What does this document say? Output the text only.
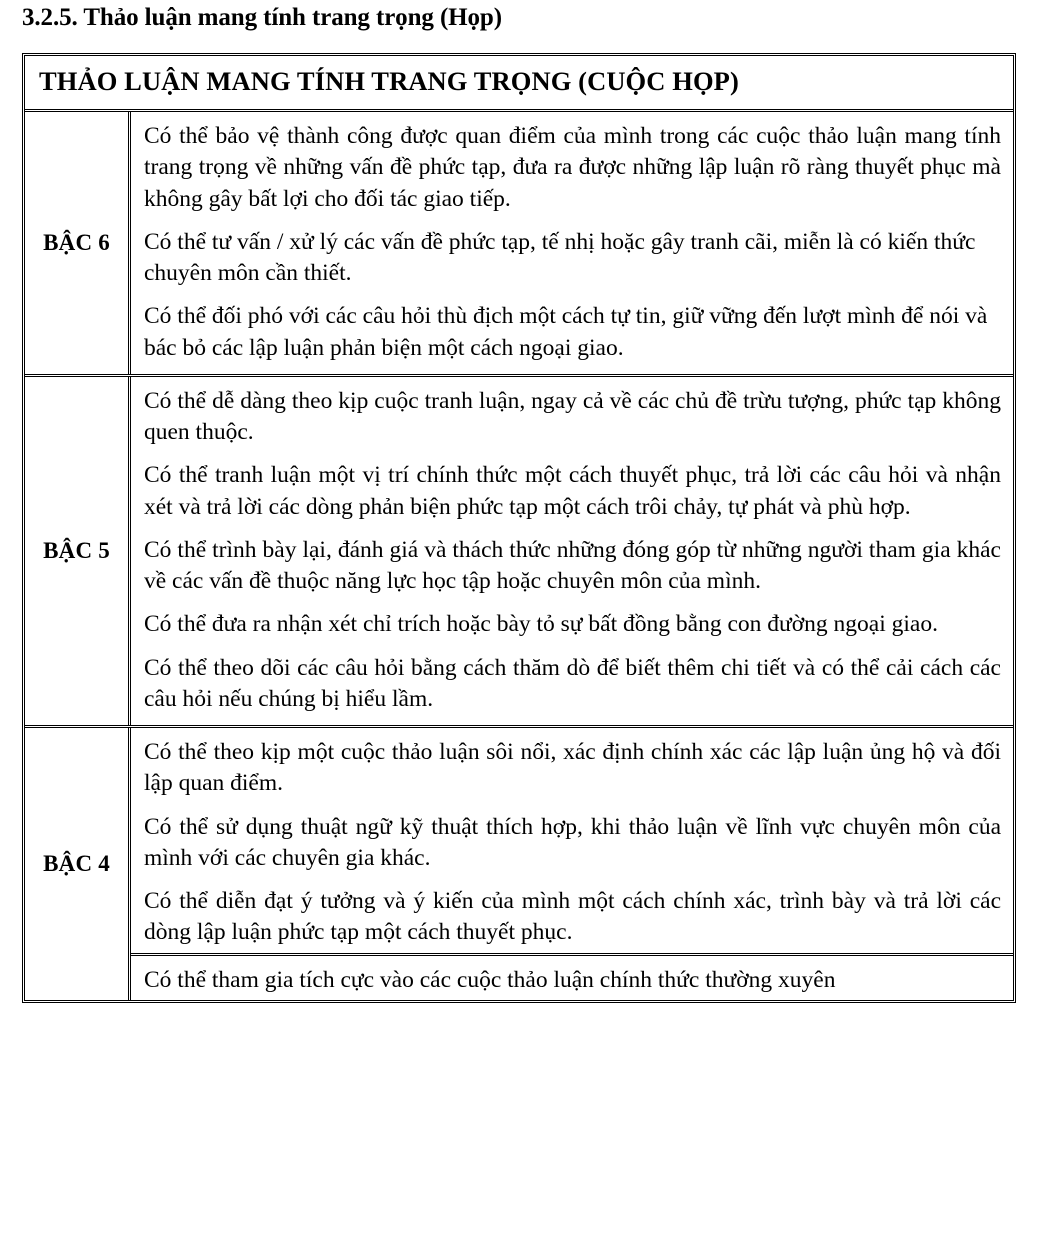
3.2.5. Thảo luận mang tính trang trọng (Họp)
THẢO LUẬN MANG TÍNH TRANG TRỌNG (CUỘC HỌP)
BẬC 6

Có thể bảo vệ thành công được quan điểm của mình trong các cuộc thảo luận mang tính trang trọng về những vấn đề phức tạp, đưa ra được những lập luận rõ ràng thuyết phục mà không gây bất lợi cho đối tác giao tiếp.

Có thể tư vấn / xử lý các vấn đề phức tạp, tế nhị hoặc gây tranh cãi, miễn là có kiến thức chuyên môn cần thiết.

Có thể đối phó với các câu hỏi thù địch một cách tự tin, giữ vững đến lượt mình để nói và bác bỏ các lập luận phản biện một cách ngoại giao.

BẬC 5

Có thể dễ dàng theo kịp cuộc tranh luận, ngay cả về các chủ đề trừu tượng, phức tạp không quen thuộc.

Có thể tranh luận một vị trí chính thức một cách thuyết phục, trả lời các câu hỏi và nhận xét và trả lời các dòng phản biện phức tạp một cách trôi chảy, tự phát và phù hợp.

Có thể trình bày lại, đánh giá và thách thức những đóng góp từ những người tham gia khác về các vấn đề thuộc năng lực học tập hoặc chuyên môn của mình.

Có thể đưa ra nhận xét chỉ trích hoặc bày tỏ sự bất đồng bằng con đường ngoại giao.

Có thể theo dõi các câu hỏi bằng cách thăm dò để biết thêm chi tiết và có thể cải cách các câu hỏi nếu chúng bị hiểu lầm.

BẬC 4

Có thể theo kịp một cuộc thảo luận sôi nổi, xác định chính xác các lập luận ủng hộ và đối lập quan điểm.

Có thể sử dụng thuật ngữ kỹ thuật thích hợp, khi thảo luận về lĩnh vực chuyên môn của mình với các chuyên gia khác.

Có thể diễn đạt ý tưởng và ý kiến của mình một cách chính xác, trình bày và trả lời các dòng lập luận phức tạp một cách thuyết phục.

Có thể tham gia tích cực vào các cuộc thảo luận chính thức thường xuyên
